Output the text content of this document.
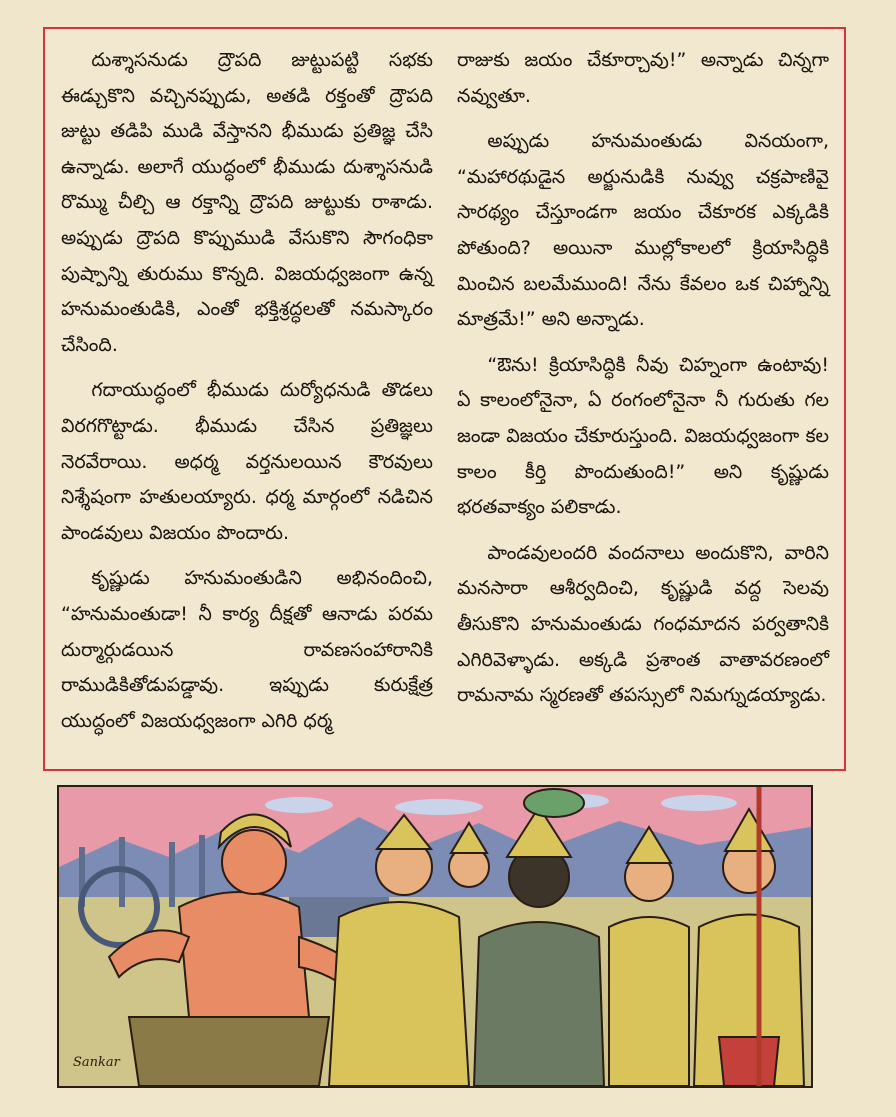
దుశ్శాసనుడు ద్రౌపది జుట్టుపట్టి సభకు ఈడ్చుకొని వచ్చినప్పుడు, అతడి రక్తంతో ద్రౌపది జుట్టు తడిపి ముడి వేస్తానని భీముడు ప్రతిజ్ఞ చేసి ఉన్నాడు. అలాగే యుద్ధంలో భీముడు దుశ్శాసనుడి రొమ్ము చీల్చి ఆ రక్తాన్ని ద్రౌపది జుట్టుకు రాశాడు. అప్పుడు ద్రౌపది కొప్పుముడి వేసుకొని సౌగంధికా పుష్పాన్ని తురుము కొన్నది. విజయధ్వజంగా ఉన్న హనుమంతుడికి, ఎంతో భక్తిశ్రద్ధలతో నమస్కారం చేసింది.

గదాయుద్ధంలో భీముడు దుర్యోధనుడి తొడలు విరగగొట్టాడు. భీముడు చేసిన ప్రతిజ్ఞలు నెరవేరాయి. అధర్మ వర్తనులయిన కౌరవులు నిశ్శేషంగా హతులయ్యారు. ధర్మ మార్గంలో నడిచిన పాండవులు విజయం పొందారు.

కృష్ణుడు హనుమంతుడిని అభినందించి, “హనుమంతుడా! నీ కార్య దీక్షతో ఆనాడు పరమ దుర్మార్గుడయిన రావణసంహారానికి రాముడికితోడుపడ్డావు. ఇప్పుడు కురుక్షేత్ర యుద్ధంలో విజయధ్వజంగా ఎగిరి ధర్మ

రాజుకు జయం చేకూర్చావు!” అన్నాడు చిన్నగా నవ్వుతూ.

అప్పుడు హనుమంతుడు వినయంగా, “మహారథుడైన అర్జునుడికి నువ్వు చక్రపాణివై సారథ్యం చేస్తూండగా జయం చేకూరక ఎక్కడికి పోతుంది? అయినా ముల్లోకాలలో క్రియాసిద్ధికి మించిన బలమేముంది! నేను కేవలం ఒక చిహ్నాన్ని మాత్రమే!” అని అన్నాడు.

“ఔను! క్రియాసిద్ధికి నీవు చిహ్నంగా ఉంటావు! ఏ కాలంలోనైనా, ఏ రంగంలోనైనా నీ గురుతు గల జండా విజయం చేకూరుస్తుంది. విజయధ్వజంగా కల కాలం కీర్తి పొందుతుంది!” అని కృష్ణుడు భరతవాక్యం పలికాడు.

పాండవులందరి వందనాలు అందుకొని, వారిని మనసారా ఆశీర్వదించి, కృష్ణుడి వద్ద సెలవు తీసుకొని హనుమంతుడు గంధమాదన పర్వతానికి ఎగిరివెళ్ళాడు. అక్కడి ప్రశాంత వాతావరణంలో రామనామ స్మరణతో తపస్సులో నిమగ్నుడయ్యాడు.

Sankar
